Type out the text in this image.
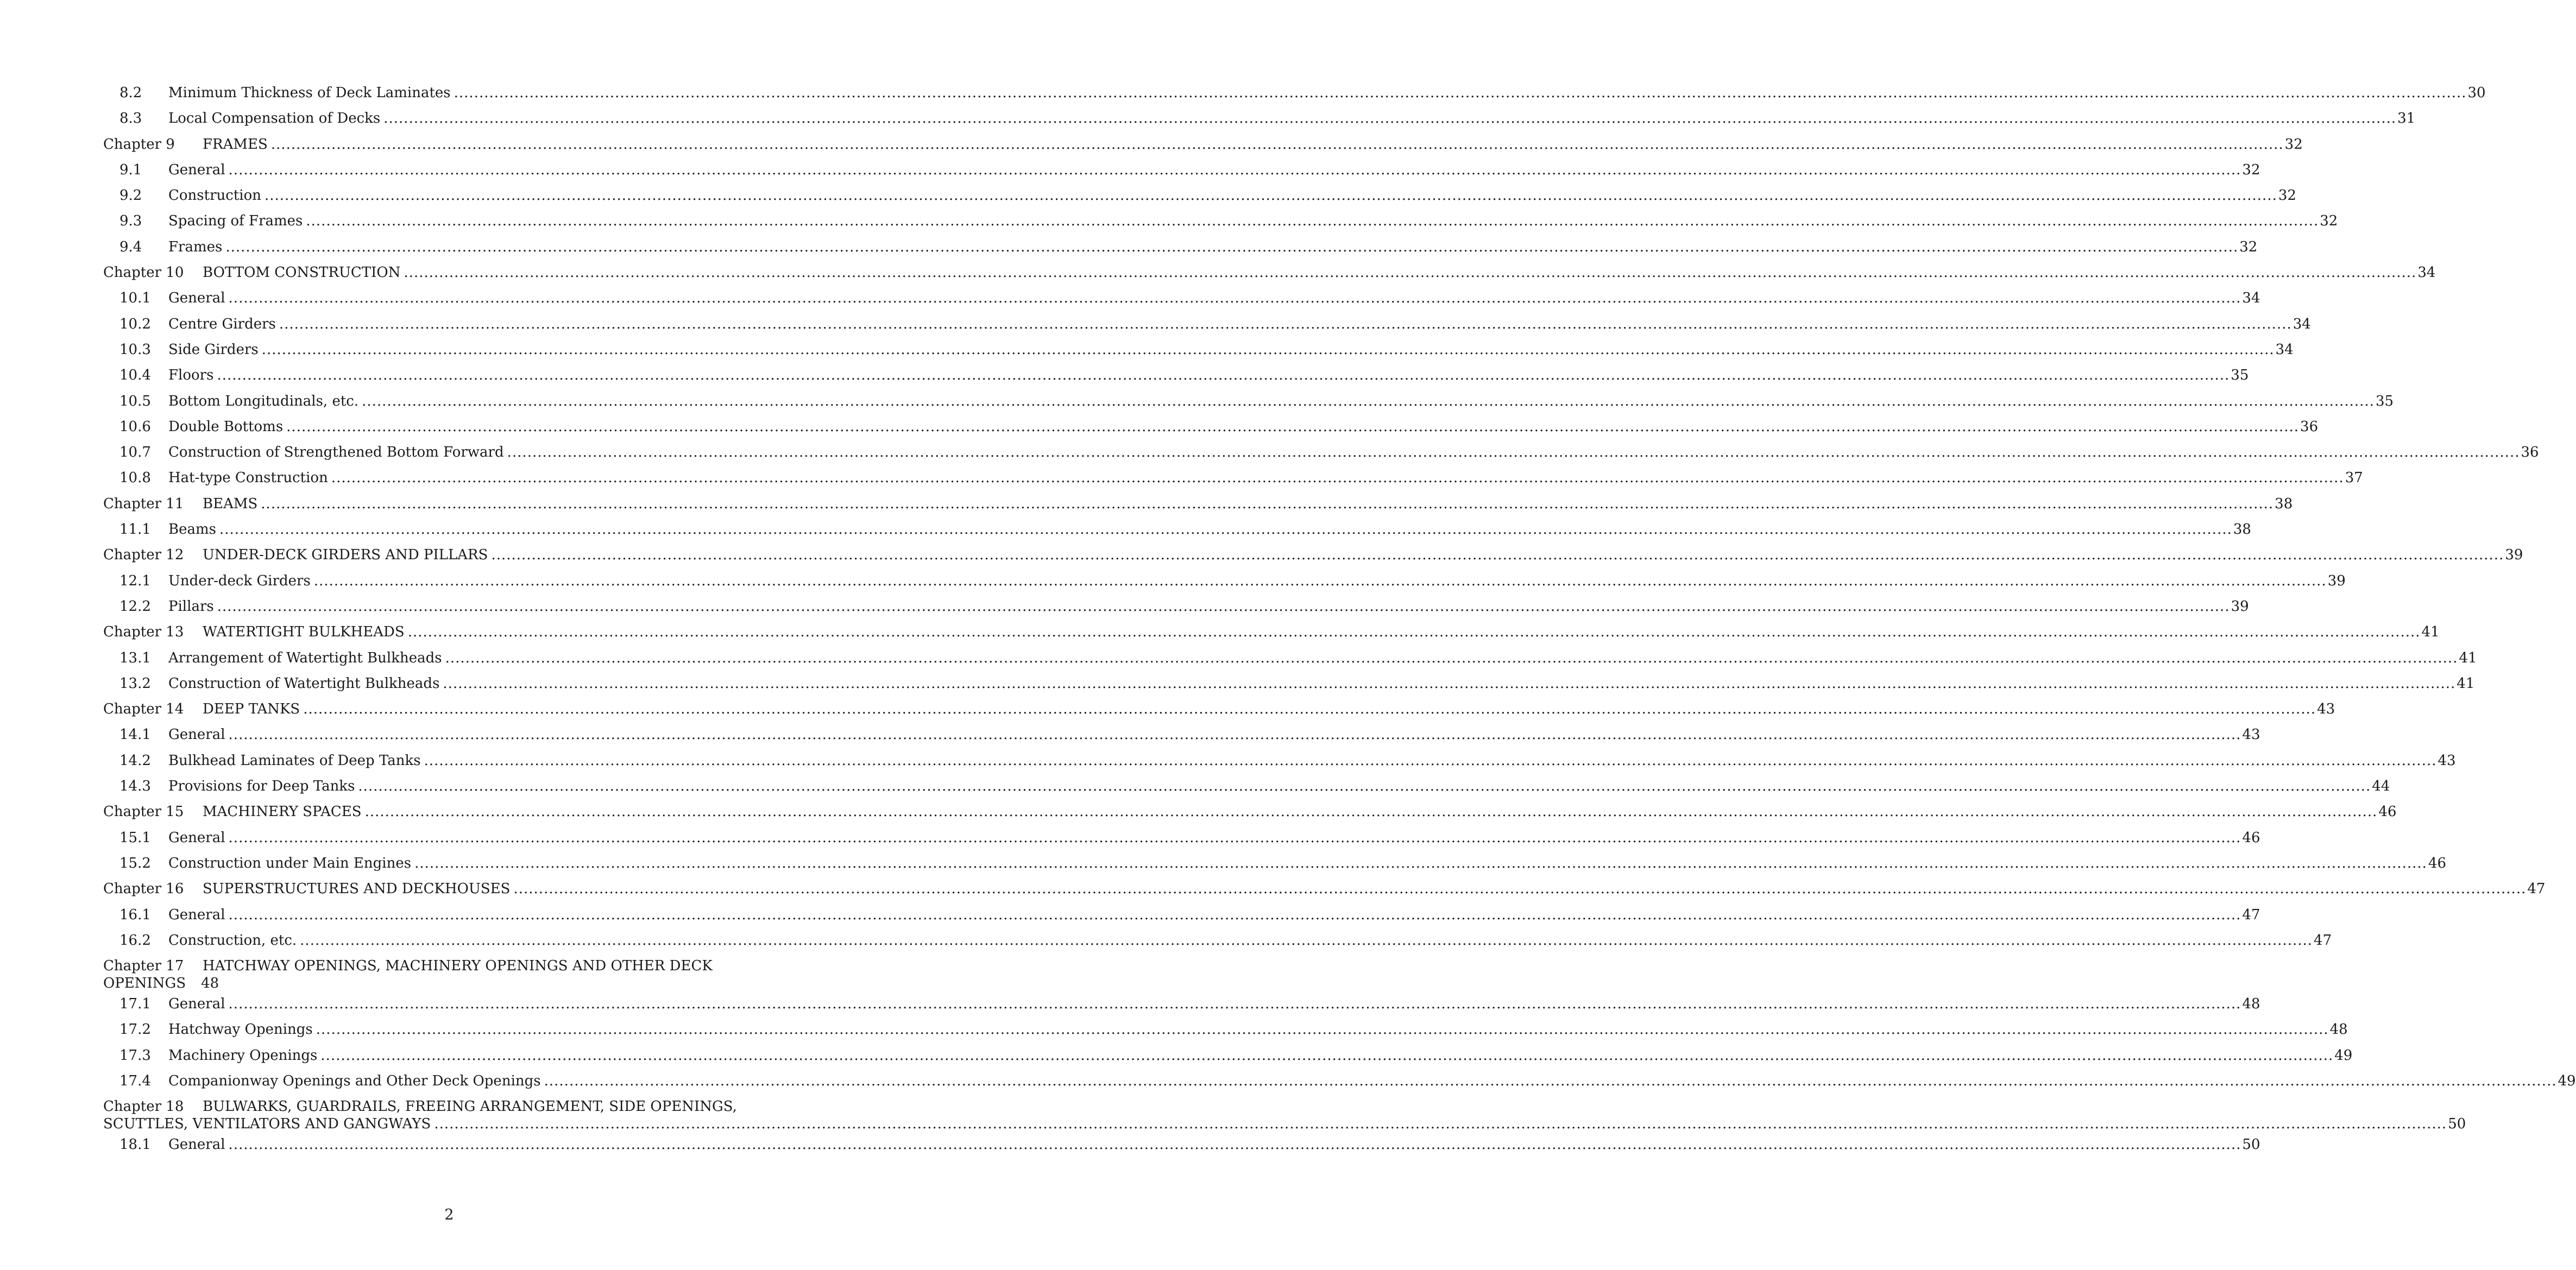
8.2	Minimum Thickness of Deck Laminates ................................................................................................................................................................................................................................................................................................................................................................................................................ 30
8.3	Local Compensation of Decks ................................................................................................................................................................................................................................................................................................................................................................................................................ 31
Chapter 9	FRAMES ................................................................................................................................................................................................................................................................................................................................................................................................................ 32
9.1	General ................................................................................................................................................................................................................................................................................................................................................................................................................ 32
9.2	Construction ................................................................................................................................................................................................................................................................................................................................................................................................................ 32
9.3	Spacing of Frames ................................................................................................................................................................................................................................................................................................................................................................................................................ 32
9.4	Frames ................................................................................................................................................................................................................................................................................................................................................................................................................ 32
Chapter 10	BOTTOM CONSTRUCTION ................................................................................................................................................................................................................................................................................................................................................................................................................ 34
10.1	General ................................................................................................................................................................................................................................................................................................................................................................................................................ 34
10.2	Centre Girders ................................................................................................................................................................................................................................................................................................................................................................................................................ 34
10.3	Side Girders ................................................................................................................................................................................................................................................................................................................................................................................................................ 34
10.4	Floors ................................................................................................................................................................................................................................................................................................................................................................................................................ 35
10.5	Bottom Longitudinals, etc. ................................................................................................................................................................................................................................................................................................................................................................................................................ 35
10.6	Double Bottoms ................................................................................................................................................................................................................................................................................................................................................................................................................ 36
10.7	Construction of Strengthened Bottom Forward ................................................................................................................................................................................................................................................................................................................................................................................................................ 36
10.8	Hat-type Construction ................................................................................................................................................................................................................................................................................................................................................................................................................ 37
Chapter 11	BEAMS ................................................................................................................................................................................................................................................................................................................................................................................................................ 38
11.1	Beams ................................................................................................................................................................................................................................................................................................................................................................................................................ 38
Chapter 12	UNDER-DECK GIRDERS AND PILLARS ................................................................................................................................................................................................................................................................................................................................................................................................................ 39
12.1	Under-deck Girders ................................................................................................................................................................................................................................................................................................................................................................................................................ 39
12.2	Pillars ................................................................................................................................................................................................................................................................................................................................................................................................................ 39
Chapter 13	WATERTIGHT BULKHEADS ................................................................................................................................................................................................................................................................................................................................................................................................................ 41
13.1	Arrangement of Watertight Bulkheads ................................................................................................................................................................................................................................................................................................................................................................................................................ 41
13.2	Construction of Watertight Bulkheads ................................................................................................................................................................................................................................................................................................................................................................................................................ 41
Chapter 14	DEEP TANKS ................................................................................................................................................................................................................................................................................................................................................................................................................ 43
14.1	General ................................................................................................................................................................................................................................................................................................................................................................................................................ 43
14.2	Bulkhead Laminates of Deep Tanks ................................................................................................................................................................................................................................................................................................................................................................................................................ 43
14.3	Provisions for Deep Tanks ................................................................................................................................................................................................................................................................................................................................................................................................................ 44
Chapter 15	MACHINERY SPACES ................................................................................................................................................................................................................................................................................................................................................................................................................ 46
15.1	General ................................................................................................................................................................................................................................................................................................................................................................................................................ 46
15.2	Construction under Main Engines ................................................................................................................................................................................................................................................................................................................................................................................................................ 46
Chapter 16	SUPERSTRUCTURES AND DECKHOUSES ................................................................................................................................................................................................................................................................................................................................................................................................................ 47
16.1	General ................................................................................................................................................................................................................................................................................................................................................................................................................ 47
16.2	Construction, etc. ................................................................................................................................................................................................................................................................................................................................................................................................................ 47
Chapter 17	HATCHWAY OPENINGS, MACHINERY OPENINGS AND OTHER DECK
OPENINGS 48
17.1	General ................................................................................................................................................................................................................................................................................................................................................................................................................ 48
17.2	Hatchway Openings ................................................................................................................................................................................................................................................................................................................................................................................................................ 48
17.3	Machinery Openings ................................................................................................................................................................................................................................................................................................................................................................................................................ 49
17.4	Companionway Openings and Other Deck Openings ................................................................................................................................................................................................................................................................................................................................................................................................................ 49
Chapter 18	BULWARKS, GUARDRAILS, FREEING ARRANGEMENT, SIDE OPENINGS,
SCUTTLES, VENTILATORS AND GANGWAYS ................................................................................................................................................................................................................................................................................................................................................................................................................ 50
18.1	General ................................................................................................................................................................................................................................................................................................................................................................................................................ 50
2
